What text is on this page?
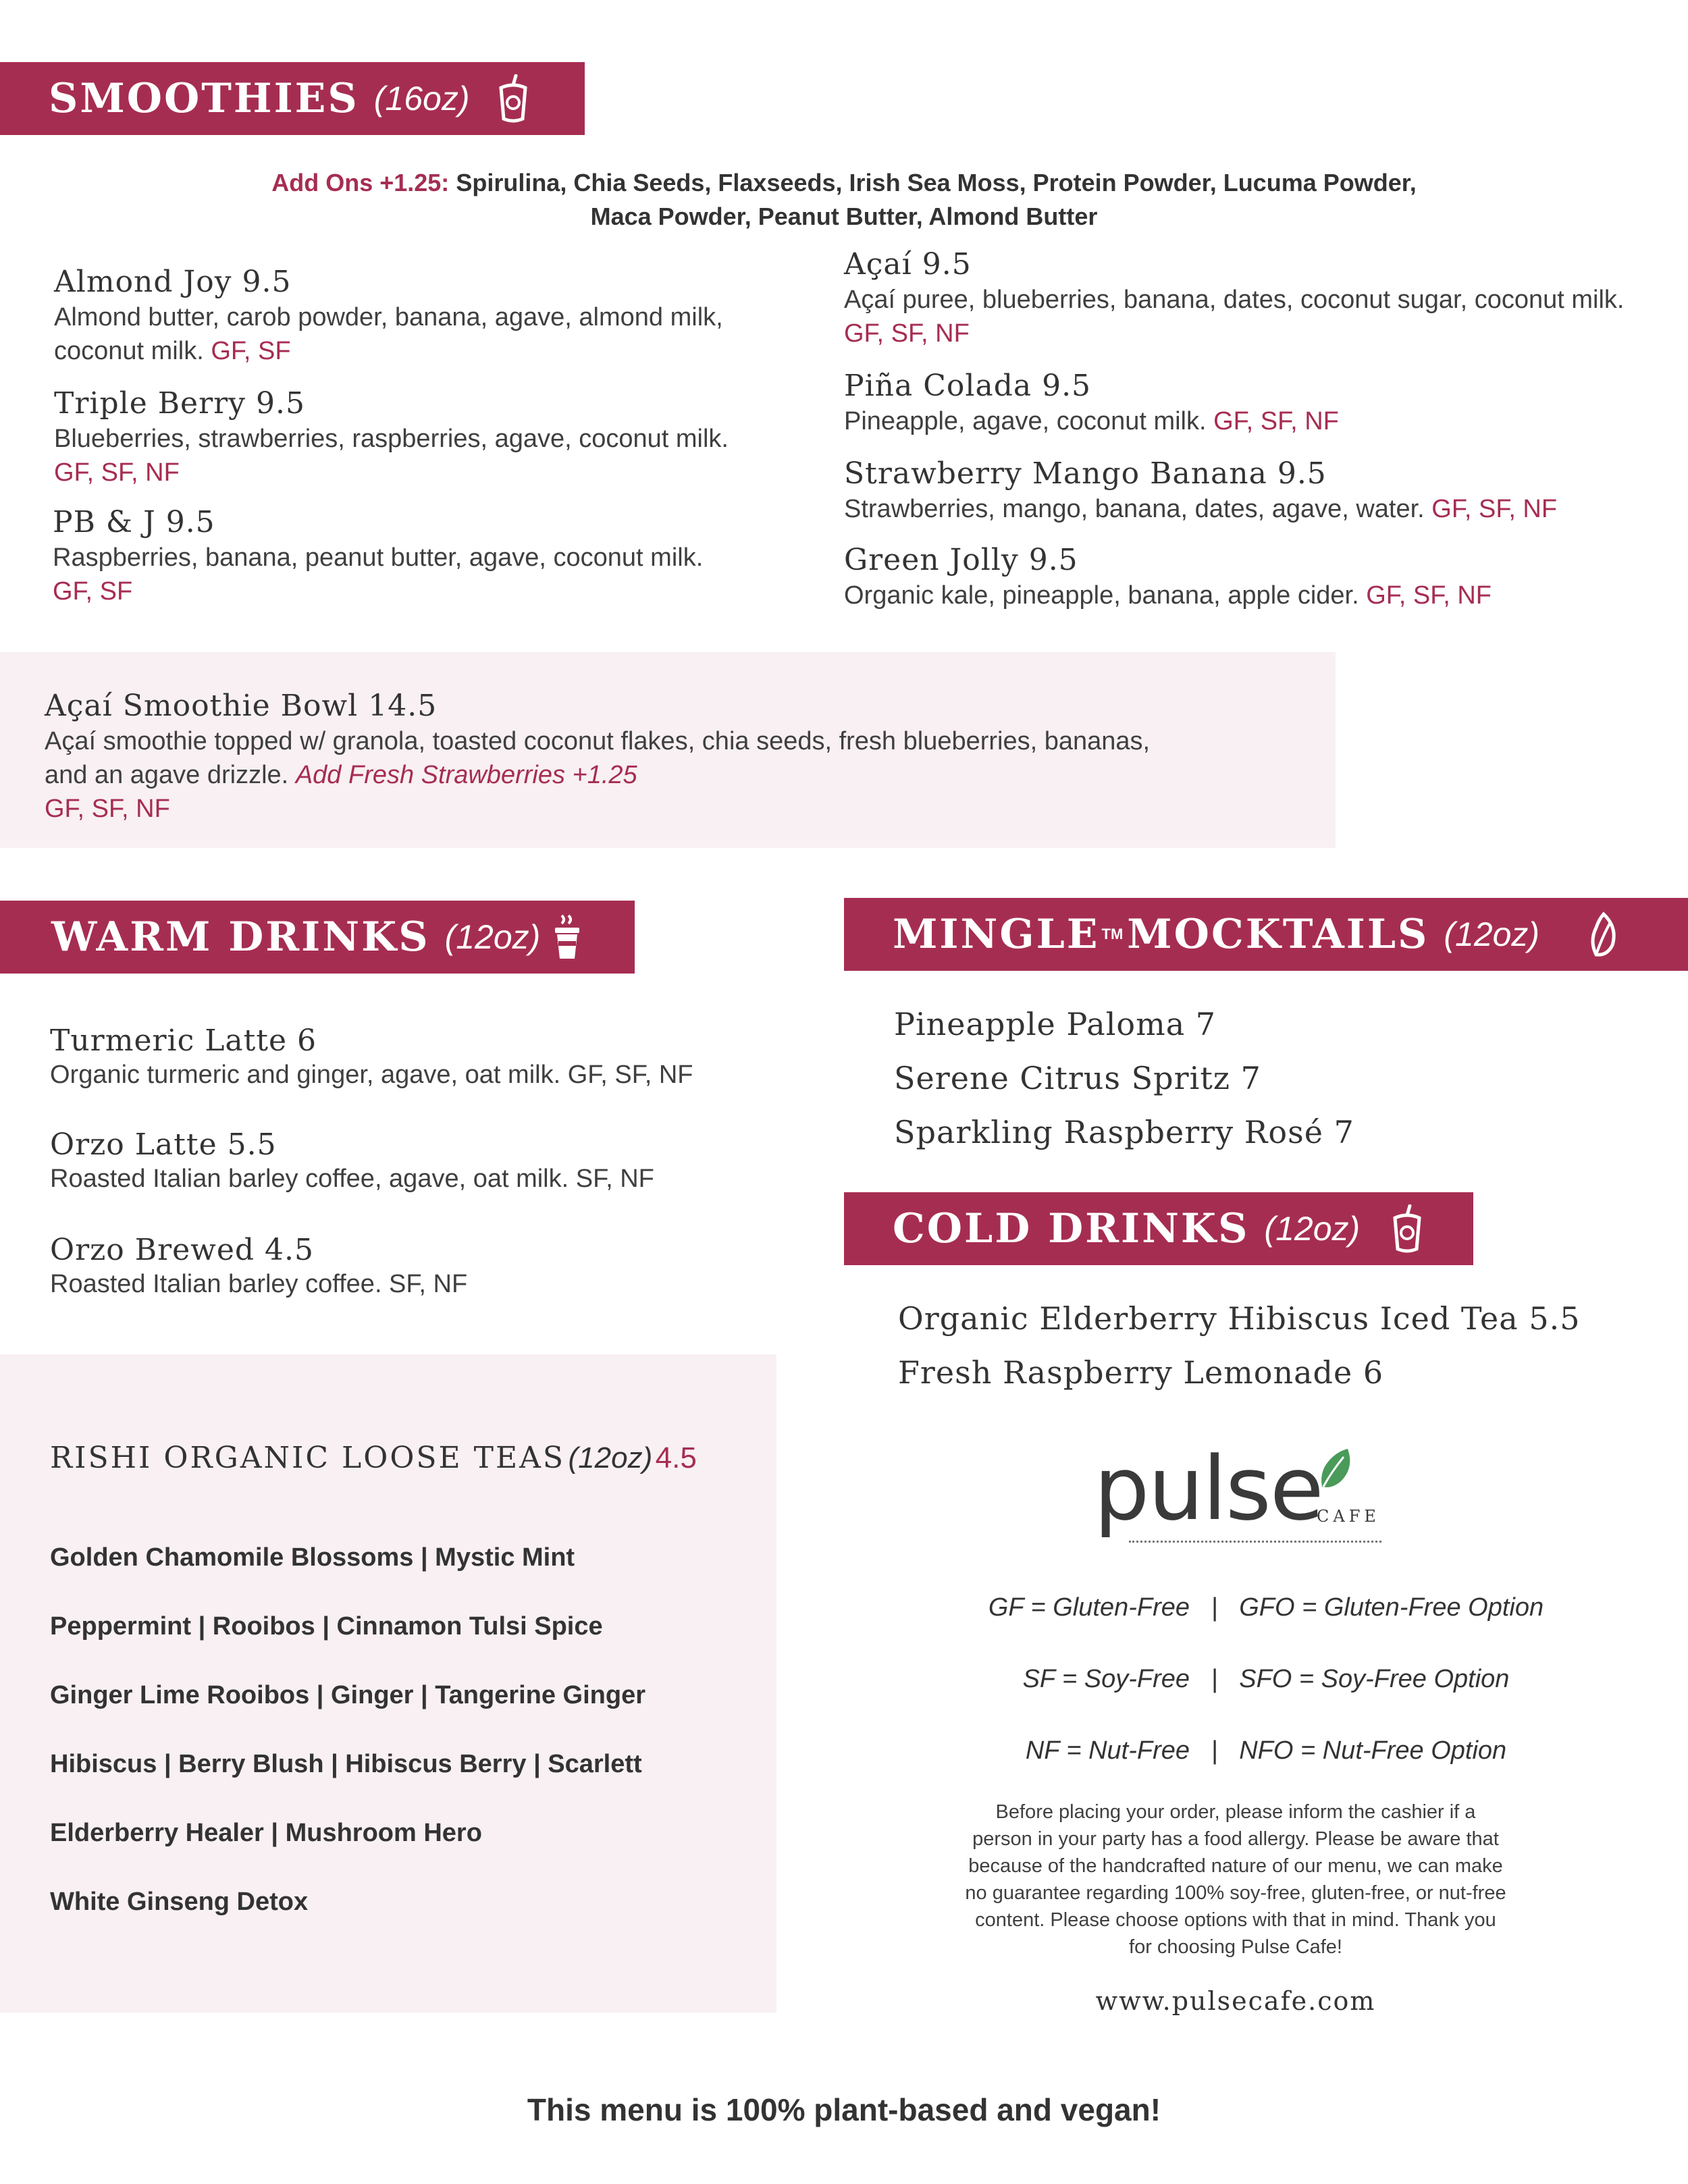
SMOOTHIES (16oz)
Add Ons +1.25: Spirulina, Chia Seeds, Flaxseeds, Irish Sea Moss, Protein Powder, Lucuma Powder,
Maca Powder, Peanut Butter, Almond Butter
Almond Joy 9.5
Almond butter, carob powder, banana, agave, almond milk, coconut milk. GF, SF
Triple Berry 9.5
Blueberries, strawberries, raspberries, agave, coconut milk.
GF, SF, NF
PB & J 9.5
Raspberries, banana, peanut butter, agave, coconut milk.
GF, SF
Açaí 9.5
Açaí puree, blueberries, banana, dates, coconut sugar, coconut milk. GF, SF, NF
Piña Colada 9.5
Pineapple, agave, coconut milk. GF, SF, NF
Strawberry Mango Banana 9.5
Strawberries, mango, banana, dates, agave, water. GF, SF, NF
Green Jolly 9.5
Organic kale, pineapple, banana, apple cider. GF, SF, NF
Açaí Smoothie Bowl 14.5
Açaí smoothie topped w/ granola, toasted coconut flakes, chia seeds, fresh blueberries, bananas,
and an agave drizzle. Add Fresh Strawberries +1.25
GF, SF, NF
WARM DRINKS (12oz)
Turmeric Latte 6
Organic turmeric and ginger, agave, oat milk. GF, SF, NF
Orzo Latte 5.5
Roasted Italian barley coffee, agave, oat milk. SF, NF
Orzo Brewed 4.5
Roasted Italian barley coffee. SF, NF
MINGLE TM MOCKTAILS (12oz)
Pineapple Paloma 7
Serene Citrus Spritz 7
Sparkling Raspberry Rosé 7
COLD DRINKS (12oz)
Organic Elderberry Hibiscus Iced Tea 5.5
Fresh Raspberry Lemonade 6
RISHI ORGANIC LOOSE TEAS (12oz) 4.5
Golden Chamomile Blossoms | Mystic Mint
Peppermint | Rooibos | Cinnamon Tulsi Spice
Ginger Lime Rooibos | Ginger | Tangerine Ginger
Hibiscus | Berry Blush | Hibiscus Berry | Scarlett
Elderberry Healer | Mushroom Hero
White Ginseng Detox
pulse
CAFE
GF = Gluten-Free   |   GFO = Gluten-Free Option
SF = Soy-Free   |   SFO = Soy-Free Option
NF = Nut-Free   |   NFO = Nut-Free Option
Before placing your order, please inform the cashier if a
person in your party has a food allergy. Please be aware that
because of the handcrafted nature of our menu, we can make
no guarantee regarding 100% soy-free, gluten-free, or nut-free
content. Please choose options with that in mind. Thank you
for choosing Pulse Cafe!
www.pulsecafe.com
This menu is 100% plant-based and vegan!
